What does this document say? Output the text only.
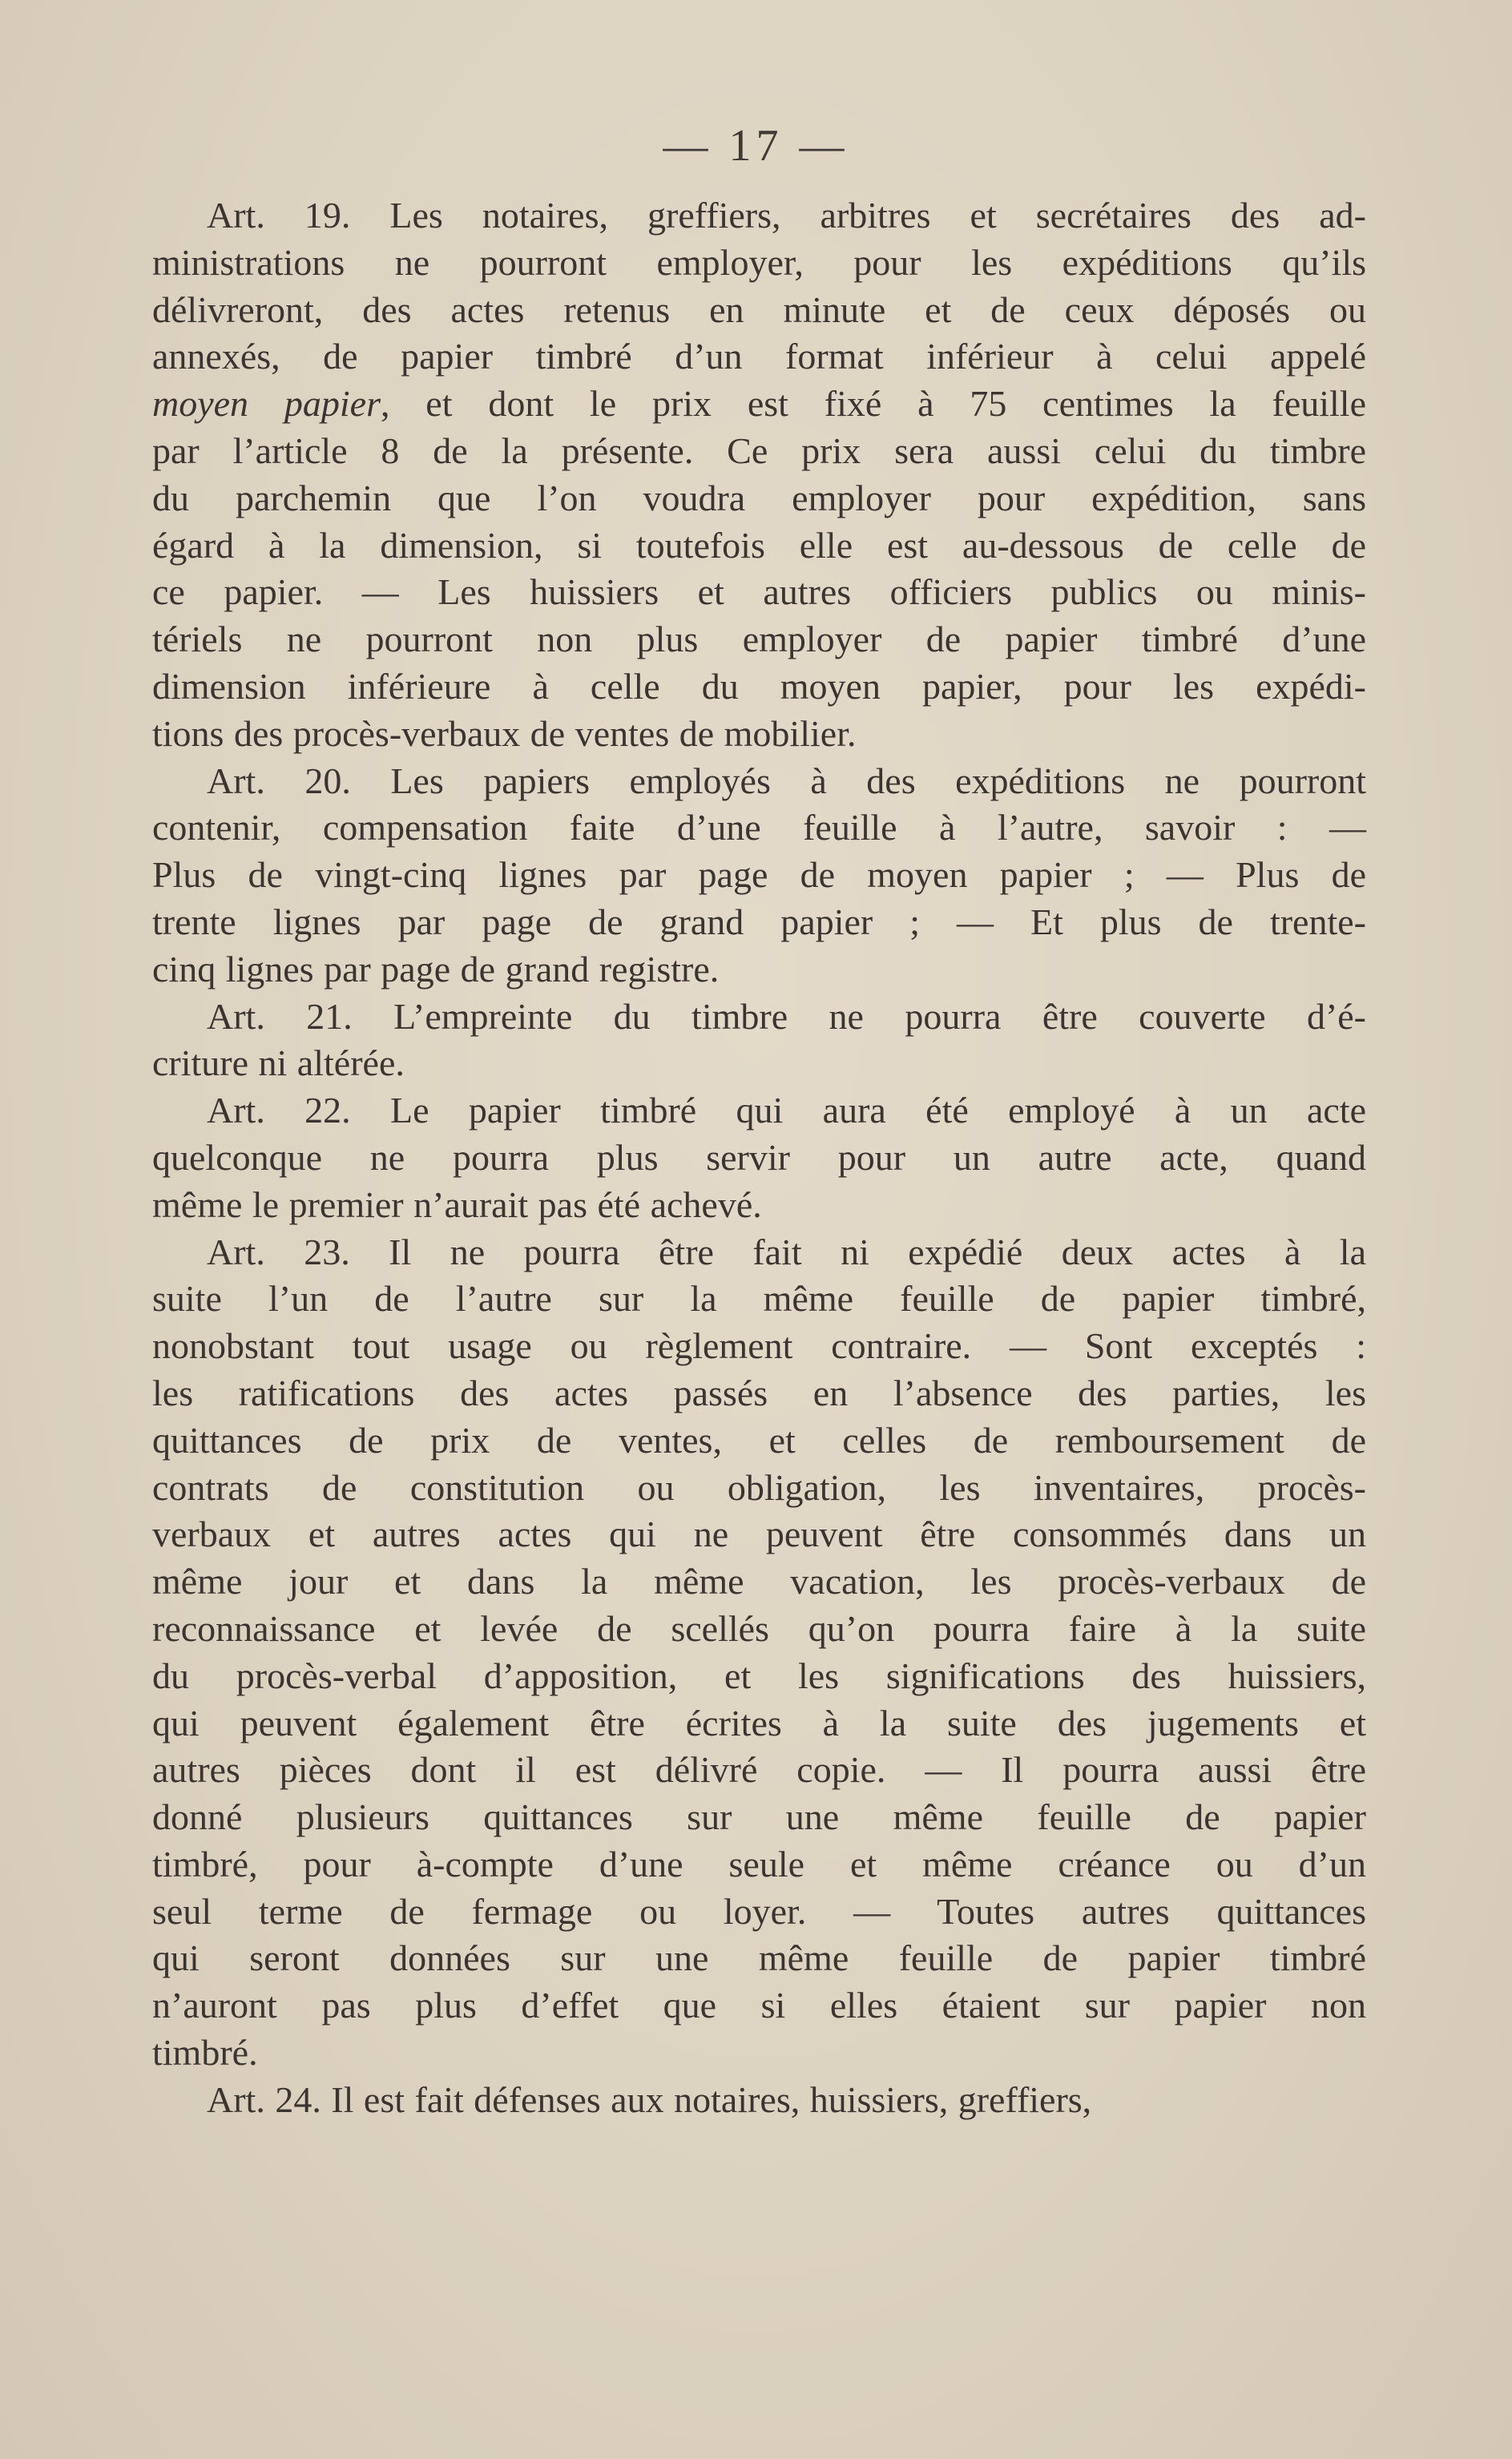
— 17 —
Art. 19. Les notaires, greffiers, arbitres et secrétaires des ad-
ministrations ne pourront employer, pour les expéditions qu’ils
délivreront, des actes retenus en minute et de ceux déposés ou
annexés, de papier timbré d’un format inférieur à celui appelé
moyen papier, et dont le prix est fixé à 75 centimes la feuille
par l’article 8 de la présente. Ce prix sera aussi celui du timbre
du parchemin que l’on voudra employer pour expédition, sans
égard à la dimension, si toutefois elle est au-dessous de celle de
ce papier. — Les huissiers et autres officiers publics ou minis-
tériels ne pourront non plus employer de papier timbré d’une
dimension inférieure à celle du moyen papier, pour les expédi-
tions des procès-verbaux de ventes de mobilier.
Art. 20. Les papiers employés à des expéditions ne pourront
contenir, compensation faite d’une feuille à l’autre, savoir : —
Plus de vingt-cinq lignes par page de moyen papier ; — Plus de
trente lignes par page de grand papier ; — Et plus de trente-
cinq lignes par page de grand registre.
Art. 21. L’empreinte du timbre ne pourra être couverte d’é-
criture ni altérée.
Art. 22. Le papier timbré qui aura été employé à un acte
quelconque ne pourra plus servir pour un autre acte, quand
même le premier n’aurait pas été achevé.
Art. 23. Il ne pourra être fait ni expédié deux actes à la
suite l’un de l’autre sur la même feuille de papier timbré,
nonobstant tout usage ou règlement contraire. — Sont exceptés :
les ratifications des actes passés en l’absence des parties, les
quittances de prix de ventes, et celles de remboursement de
contrats de constitution ou obligation, les inventaires, procès-
verbaux et autres actes qui ne peuvent être consommés dans un
même jour et dans la même vacation, les procès-verbaux de
reconnaissance et levée de scellés qu’on pourra faire à la suite
du procès-verbal d’apposition, et les significations des huissiers,
qui peuvent également être écrites à la suite des jugements et
autres pièces dont il est délivré copie. — Il pourra aussi être
donné plusieurs quittances sur une même feuille de papier
timbré, pour à-compte d’une seule et même créance ou d’un
seul terme de fermage ou loyer. — Toutes autres quittances
qui seront données sur une même feuille de papier timbré
n’auront pas plus d’effet que si elles étaient sur papier non
timbré.
Art. 24. Il est fait défenses aux notaires, huissiers, greffiers,
